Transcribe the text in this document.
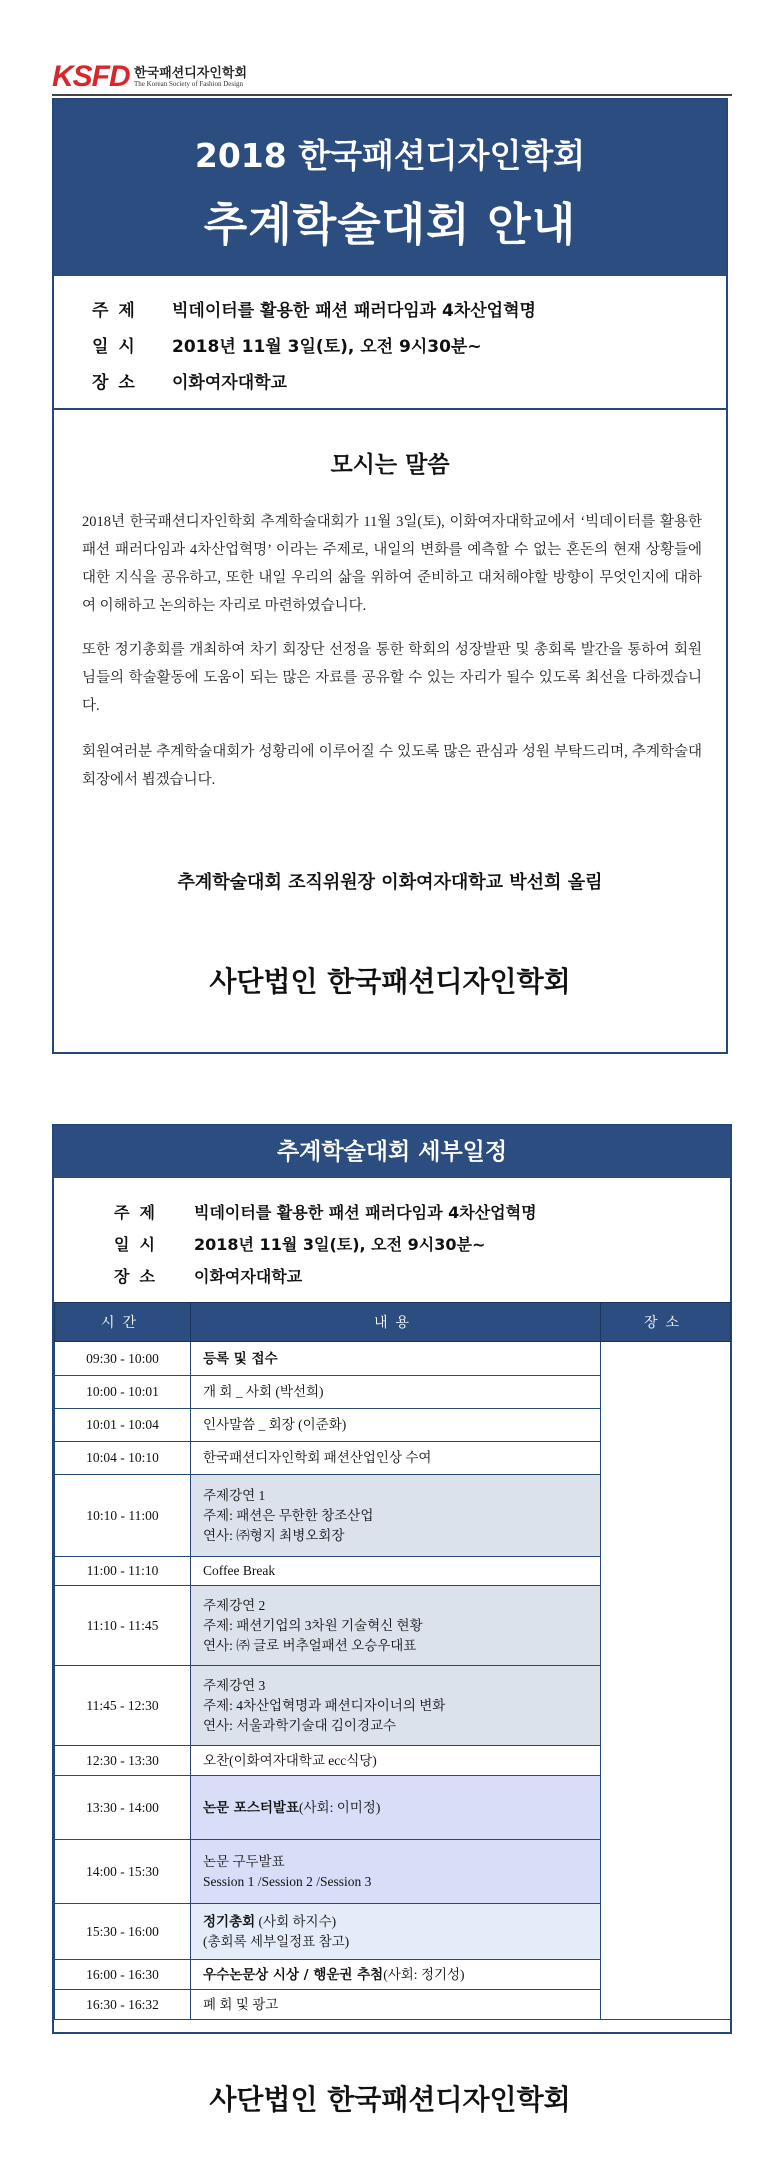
KSFD 한국패션디자인학회
The Korean Society of Fashion Design
2018 한국패션디자인학회
추계학술대회 안내
주제 빅데이터를 활용한 패션 패러다임과 4차산업혁명
일시 2018년 11월 3일(토), 오전 9시30분~
장소 이화여자대학교
모시는 말씀
2018년 한국패션디자인학회 추계학술대회가 11월 3일(토), 이화여자대학교에서 ‘빅데이터를 활용한 패션 패러다임과 4차산업혁명’ 이라는 주제로, 내일의 변화를 예측할 수 없는 혼돈의 현재 상황들에 대한 지식을 공유하고, 또한 내일 우리의 삶을 위하여 준비하고 대처해야할 방향이 무엇인지에 대하여 이해하고 논의하는 자리로 마련하였습니다.
또한 정기총회를 개최하여 차기 회장단 선정을 통한 학회의 성장발판 및 총회록 발간을 통하여 회원님들의 학술활동에 도움이 되는 많은 자료를 공유할 수 있는 자리가 될수 있도록 최선을 다하겠습니다.
회원여러분 추계학술대회가 성황리에 이루어질 수 있도록 많은 관심과 성원 부탁드리며, 추계학술대회장에서 뵙겠습니다.
추계학술대회 조직위원장 이화여자대학교 박선희 올림
사단법인 한국패션디자인학회
추계학술대회 세부일정
주제 빅데이터를 활용한 패션 패러다임과 4차산업혁명
일시 2018년 11월 3일(토), 오전 9시30분~
장소 이화여자대학교
시간	내용	장소
09:30 - 10:00	등록 및 접수	
10:00 - 10:01	개 회 _ 사회 (박선희)	
10:01 - 10:04	인사말씀 _ 회장 (이준화)	
10:04 - 10:10	한국패션디자인학회 패션산업인상 수여	
10:10 - 11:00	주제강연 1
주제: 패션은 무한한 창조산업
연사: ㈜형지 최병오회장	
11:00 - 11:10	Coffee Break	
11:10 - 11:45	주제강연 2
주제: 패션기업의 3차원 기술혁신 현황
연사: ㈜ 글로 버추얼패션 오승우대표	
11:45 - 12:30	주제강연 3
주제: 4차산업혁명과 패션디자이너의 변화
연사: 서울과학기술대 김이경교수	
12:30 - 13:30	오찬(이화여자대학교 ecc식당)	
13:30 - 14:00	논문 포스터발표(사회: 이미정)	
14:00 - 15:30	논문 구두발표
Session 1 /Session 2 /Session 3	
15:30 - 16:00	정기총회 (사회 하지수)
(총회록 세부일정표 참고)	
16:00 - 16:30	우수논문상 시상 / 행운권 추첨(사회: 정기성)	
16:30 - 16:32	폐 회 및 광고	
사단법인 한국패션디자인학회
